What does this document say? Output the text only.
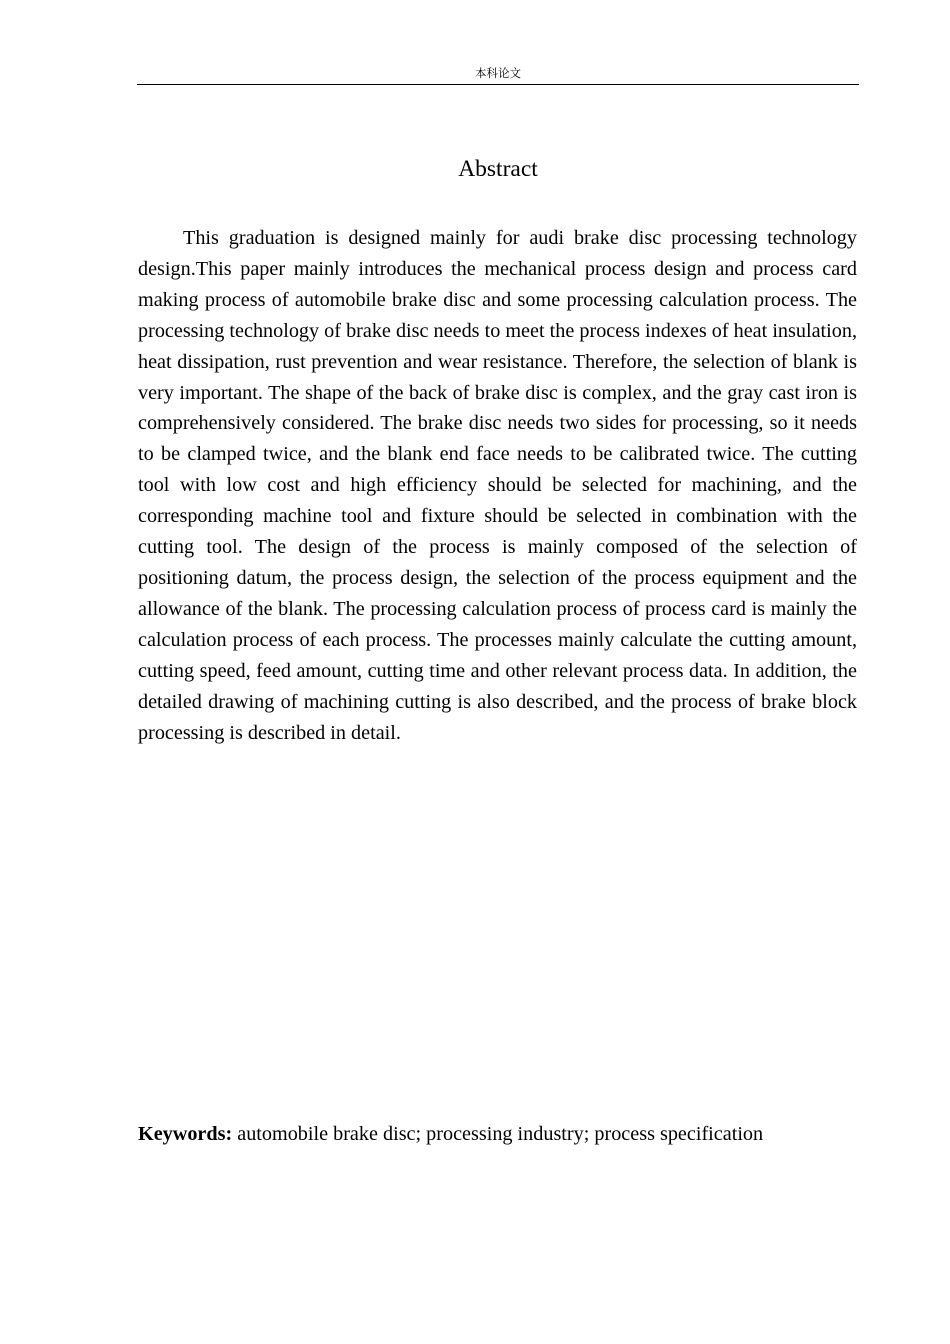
本科论文
Abstract

This graduation is designed mainly for audi brake disc processing technology design.This paper mainly introduces the mechanical process design and process card making process of automobile brake disc and some processing calculation process. The processing technology of brake disc needs to meet the process indexes of heat insulation, heat dissipation, rust prevention and wear resistance. Therefore, the selection of blank is very important. The shape of the back of brake disc is complex, and the gray cast iron is comprehensively considered. The brake disc needs two sides for processing, so it needs to be clamped twice, and the blank end face needs to be calibrated twice. The cutting tool with low cost and high efficiency should be selected for machining, and the corresponding machine tool and fixture should be selected in combination with the cutting tool. The design of the process is mainly composed of the selection of positioning datum, the process design, the selection of the process equipment and the allowance of the blank. The processing calculation process of process card is mainly the calculation process of each process. The processes mainly calculate the cutting amount, cutting speed, feed amount, cutting time and other relevant process data. In addition, the detailed drawing of machining cutting is also described, and the process of brake block processing is described in detail.

Keywords: automobile brake disc; processing industry; process specification
